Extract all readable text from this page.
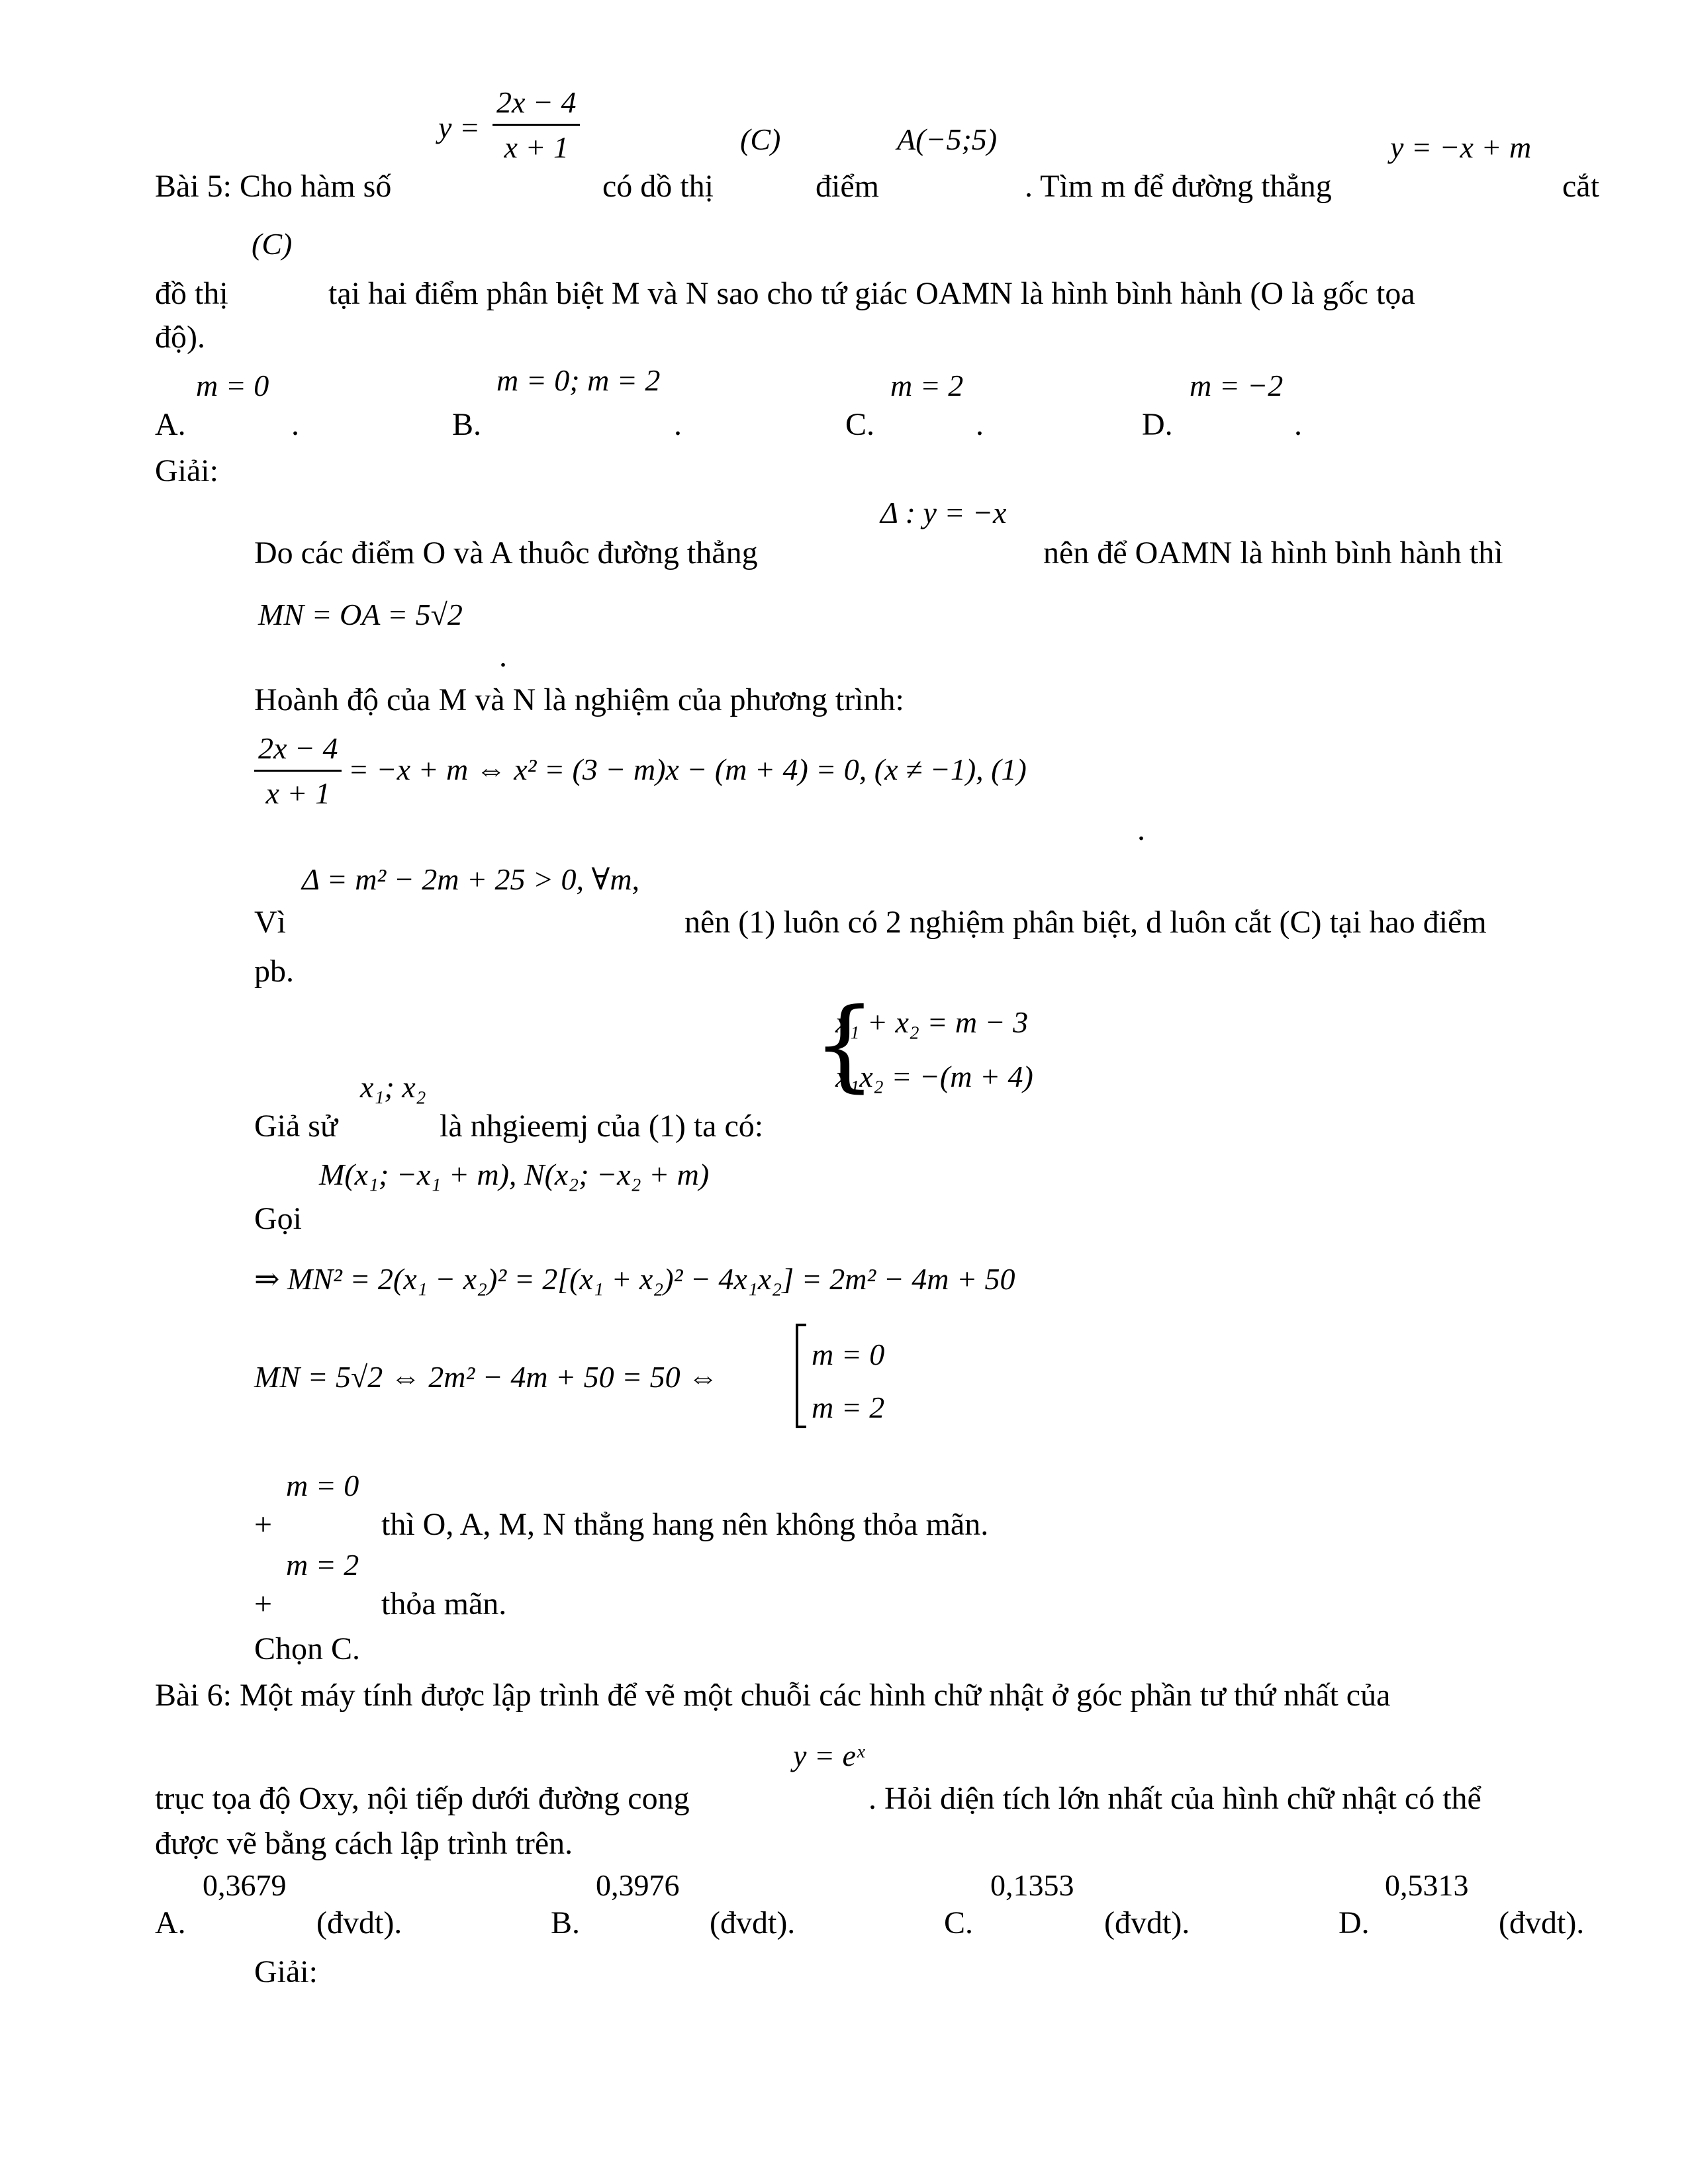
y =
2x − 4
x + 1	(C)	A(−5;5)	y = −x + m
Bài 5: Cho hàm số	có dồ thị	điểm	. Tìm m để đường thẳng	cắt
(C)
đồ thị	tại hai điểm phân biệt M và N sao cho tứ giác OAMN là hình bình hành (O là gốc tọa
độ).
m = 0
A.	.
m = 0; m = 2
B.	.
m = 2
C.	.
m = −2
D.	.
Giải:
Δ : y = −x
Do các điểm O và A thuôc đường thẳng	nên để OAMN là hình bình hành thì
MN = OA = 5√2
.
Hoành độ của M và N là nghiệm của phương trình:
2x − 4
x + 1
= −x + m ⇔ x² = (3 − m)x − (m + 4) = 0, (x ≠ −1), (1)
.
Δ = m² − 2m + 25 > 0, ∀m,
Vì	nên (1) luôn có 2 nghiệm phân biệt, d luôn cắt (C) tại hao điểm
pb.
{
x₁ + x₂ = m − 3
x₁x₂ = −(m + 4)
x₁; x₂
Giả sử	là nhgieemj của (1) ta có:
M(x₁; −x₁ + m), N(x₂; −x₂ + m)
Gọi
⇒ MN² = 2(x₁ − x₂)² = 2[(x₁ + x₂)² − 4x₁x₂] = 2m² − 4m + 50
MN = 5√2 ⇔ 2m² − 4m + 50 = 50 ⇔
m = 0
m = 2
m = 0
+	thì O, A, M, N thẳng hang nên không thỏa mãn.
m = 2
+	thỏa mãn.
Chọn C.
Bài 6: Một máy tính được lập trình để vẽ một chuỗi các hình chữ nhật ở góc phần tư thứ nhất của
y = eˣ
trục tọa độ Oxy, nội tiếp dưới đường cong	. Hỏi diện tích lớn nhất của hình chữ nhật có thể
được vẽ bằng cách lập trình trên.
0,3679
A.	(đvdt).
0,3976
B.	(đvdt).
0,1353
C.	(đvdt).
0,5313
D.	(đvdt).
Giải:
